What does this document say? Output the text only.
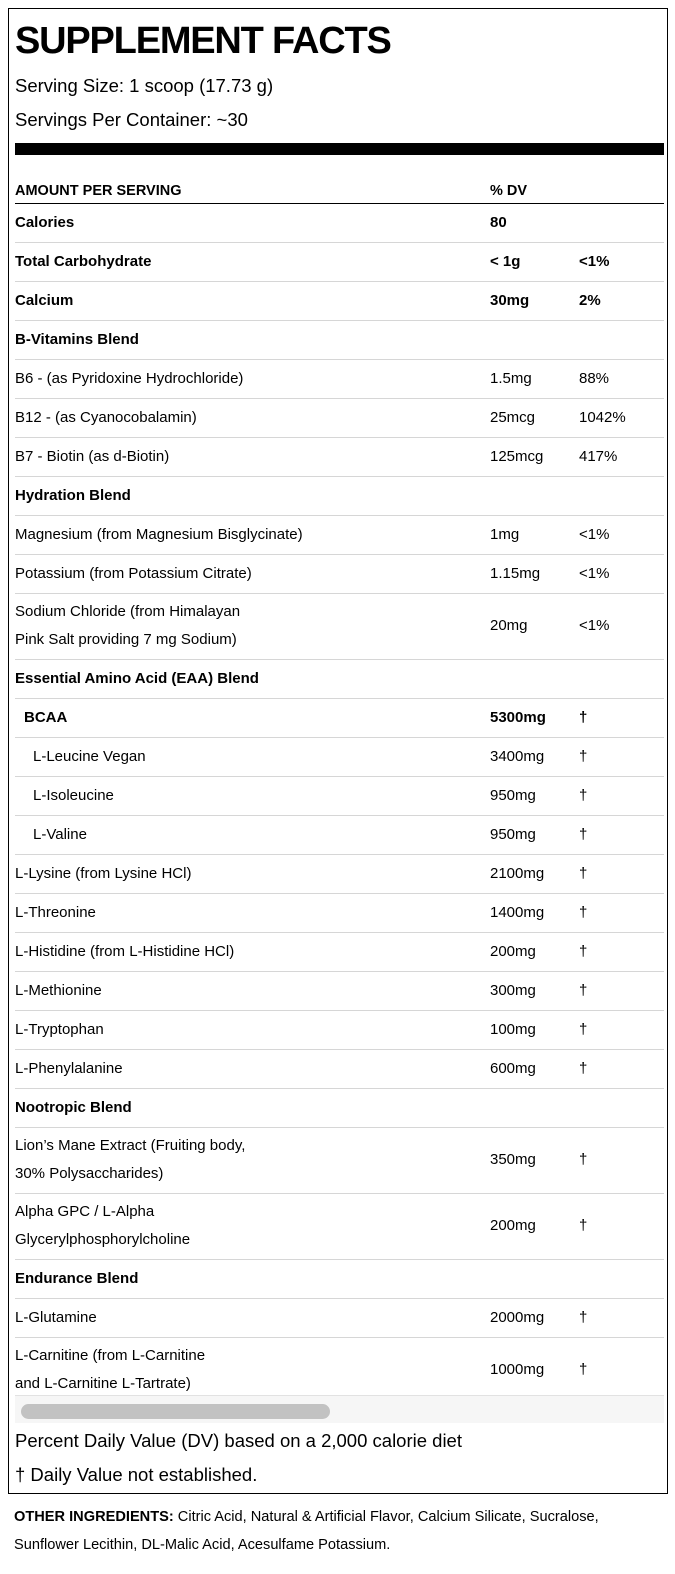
SUPPLEMENT FACTS
Serving Size: 1 scoop (17.73 g)
Servings Per Container: ~30
AMOUNT PER SERVING	% DV
Calories	80
Total Carbohydrate	< 1g	<1%
Calcium	30mg	2%
B-Vitamins Blend
B6 - (as Pyridoxine Hydrochloride)	1.5mg	88%
B12 - (as Cyanocobalamin)	25mcg	1042%
B7 - Biotin (as d-Biotin)	125mcg 417%
Hydration Blend
Magnesium (from Magnesium Bisglycinate)	1mg	<1%
Potassium (from Potassium Citrate)	1.15mg	<1%
Sodium Chloride (from Himalayan
Pink Salt providing 7 mg Sodium)
20mg	<1%
Essential Amino Acid (EAA) Blend
BCAA	5300mg †
L-Leucine Vegan	3400mg †
L-Isoleucine	950mg	†
L-Valine	950mg	†
L-Lysine (from Lysine HCl)	2100mg †
L-Threonine	1400mg †
L-Histidine (from L-Histidine HCl)	200mg	†
L-Methionine	300mg	†
L-Tryptophan	100mg	†
L-Phenylalanine	600mg	†
Nootropic Blend
Lion’s Mane Extract (Fruiting body,
30% Polysaccharides)
350mg	†
Alpha GPC / L-Alpha
Glycerylphosphorylcholine
200mg	†
Endurance Blend
L-Glutamine	2000mg †
L-Carnitine (from L-Carnitine
and L-Carnitine L-Tartrate)
1000mg †
Percent Daily Value (DV) based on a 2,000 calorie diet
† Daily Value not established.
OTHER INGREDIENTS: Citric Acid, Natural & Artificial Flavor, Calcium Silicate, Sucralose,
Sunflower Lecithin, DL-Malic Acid, Acesulfame Potassium.
